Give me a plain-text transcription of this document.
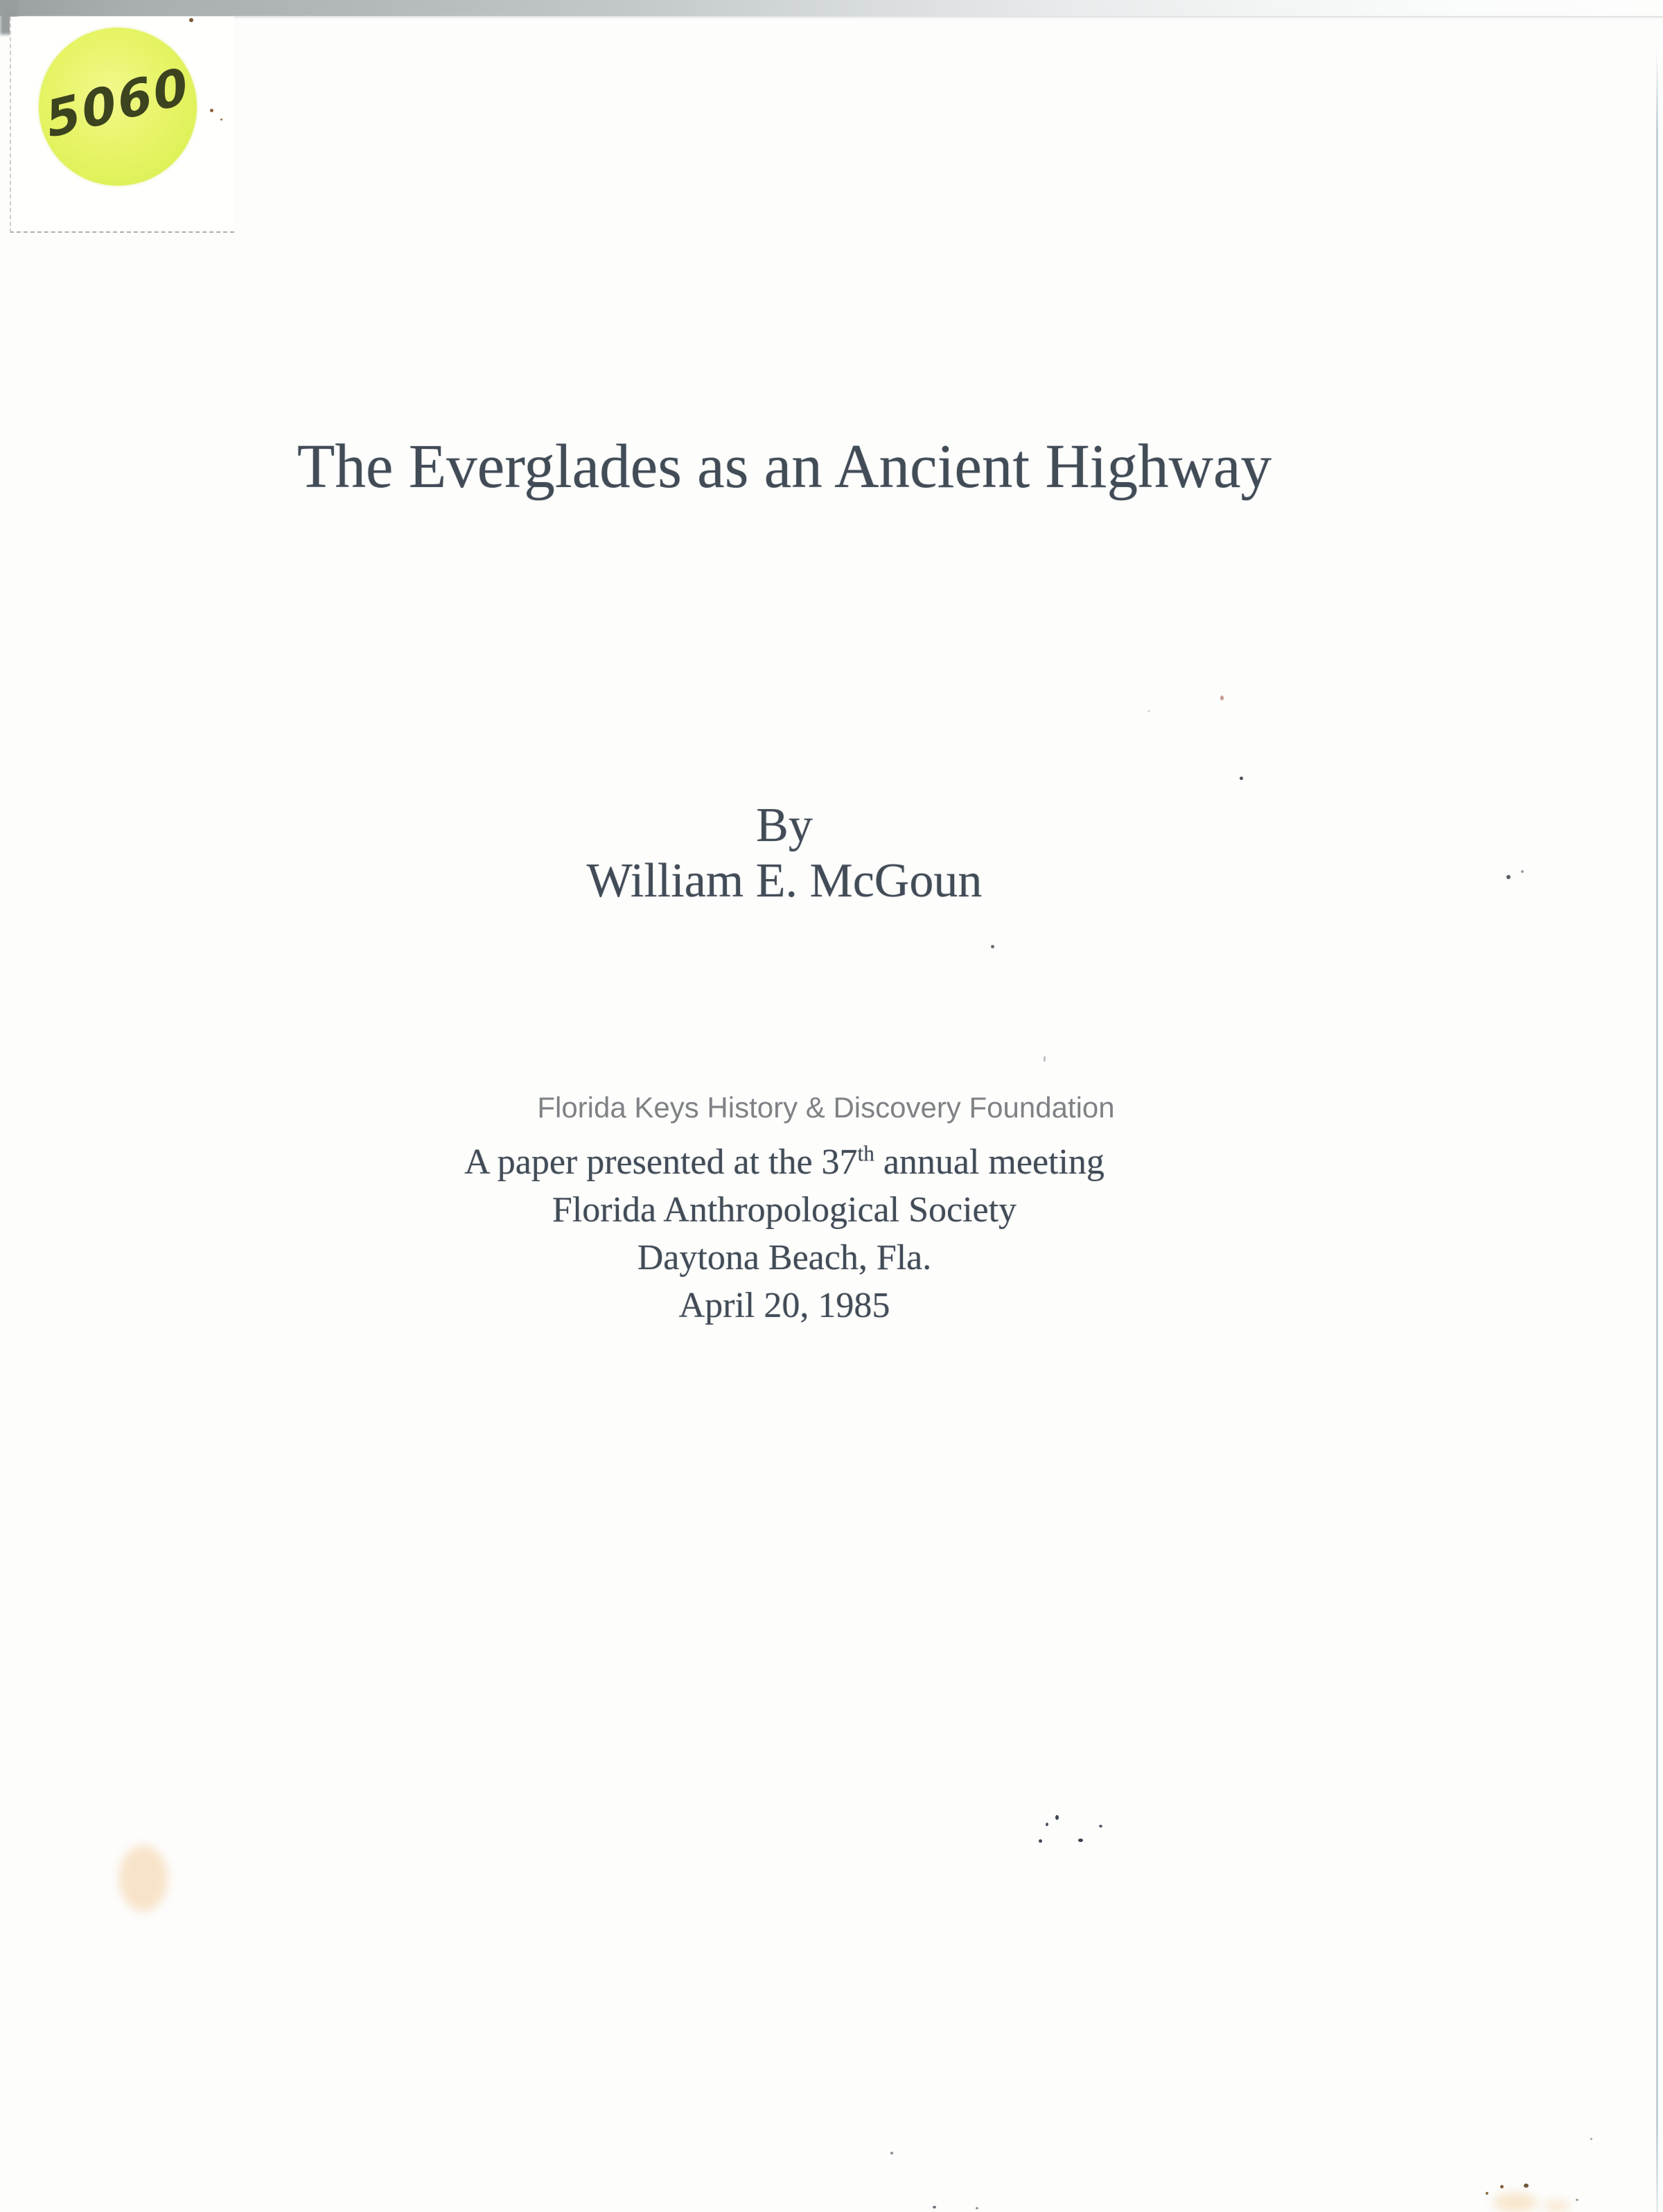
5060
The Everglades as an Ancient Highway
By
William E. McGoun
Florida Keys History & Discovery Foundation
A paper presented at the 37th annual meeting
Florida Anthropological Society
Daytona Beach, Fla.
April 20, 1985
